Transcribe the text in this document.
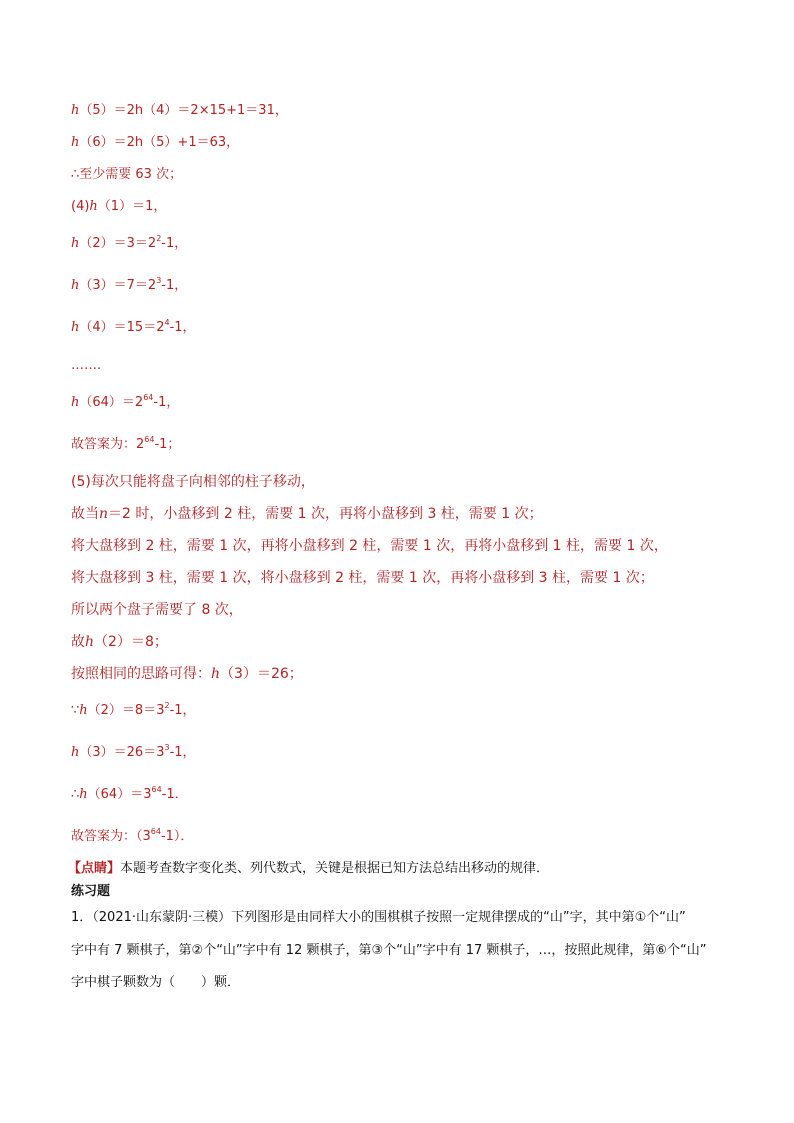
h（5）＝2h（4）＝2×15+1＝31，
h（6）＝2h（5）+1＝63，
∴至少需要 63 次；
(4)h（1）＝1，
$h(2)=3=2^2-1$，
$h(3)=7=2^3-1$，
$h(4)=15=2^4-1$，
…….
$h(64)=2^{64}-1$，
故答案为：$2^{64}-1$；
(5)每次只能将盘子向相邻的柱子移动，
故当n＝2 时，小盘移到 2 柱，需要 1 次，再将小盘移到 3 柱，需要 1 次；
将大盘移到 2 柱，需要 1 次，再将小盘移到 2 柱，需要 1 次，再将小盘移到 1 柱，需要 1 次，
将大盘移到 3 柱，需要 1 次，将小盘移到 2 柱，需要 1 次，再将小盘移到 3 柱，需要 1 次；
所以两个盘子需要了 8 次，
故h（2）＝8；
按照相同的思路可得：h（3）＝26；
$\because h(2)=8=3^2-1$，
$h(3)=26=3^3-1$，
$\therefore h(64)=3^{64}-1$．
故答案为：$(3^{64}-1)$．
【点睛】本题考查数字变化类、列代数式，关键是根据已知方法总结出移动的规律．
练习题
1．（2021·山东蒙阴·三模）下列图形是由同样大小的围棋棋子按照一定规律摆成的“山”字，其中第①个“山”
字中有 7 颗棋子，第②个“山”字中有 12 颗棋子，第③个“山”字中有 17 颗棋子，…，按照此规律，第⑥个“山”
字中棋子颗数为（　　）颗．
